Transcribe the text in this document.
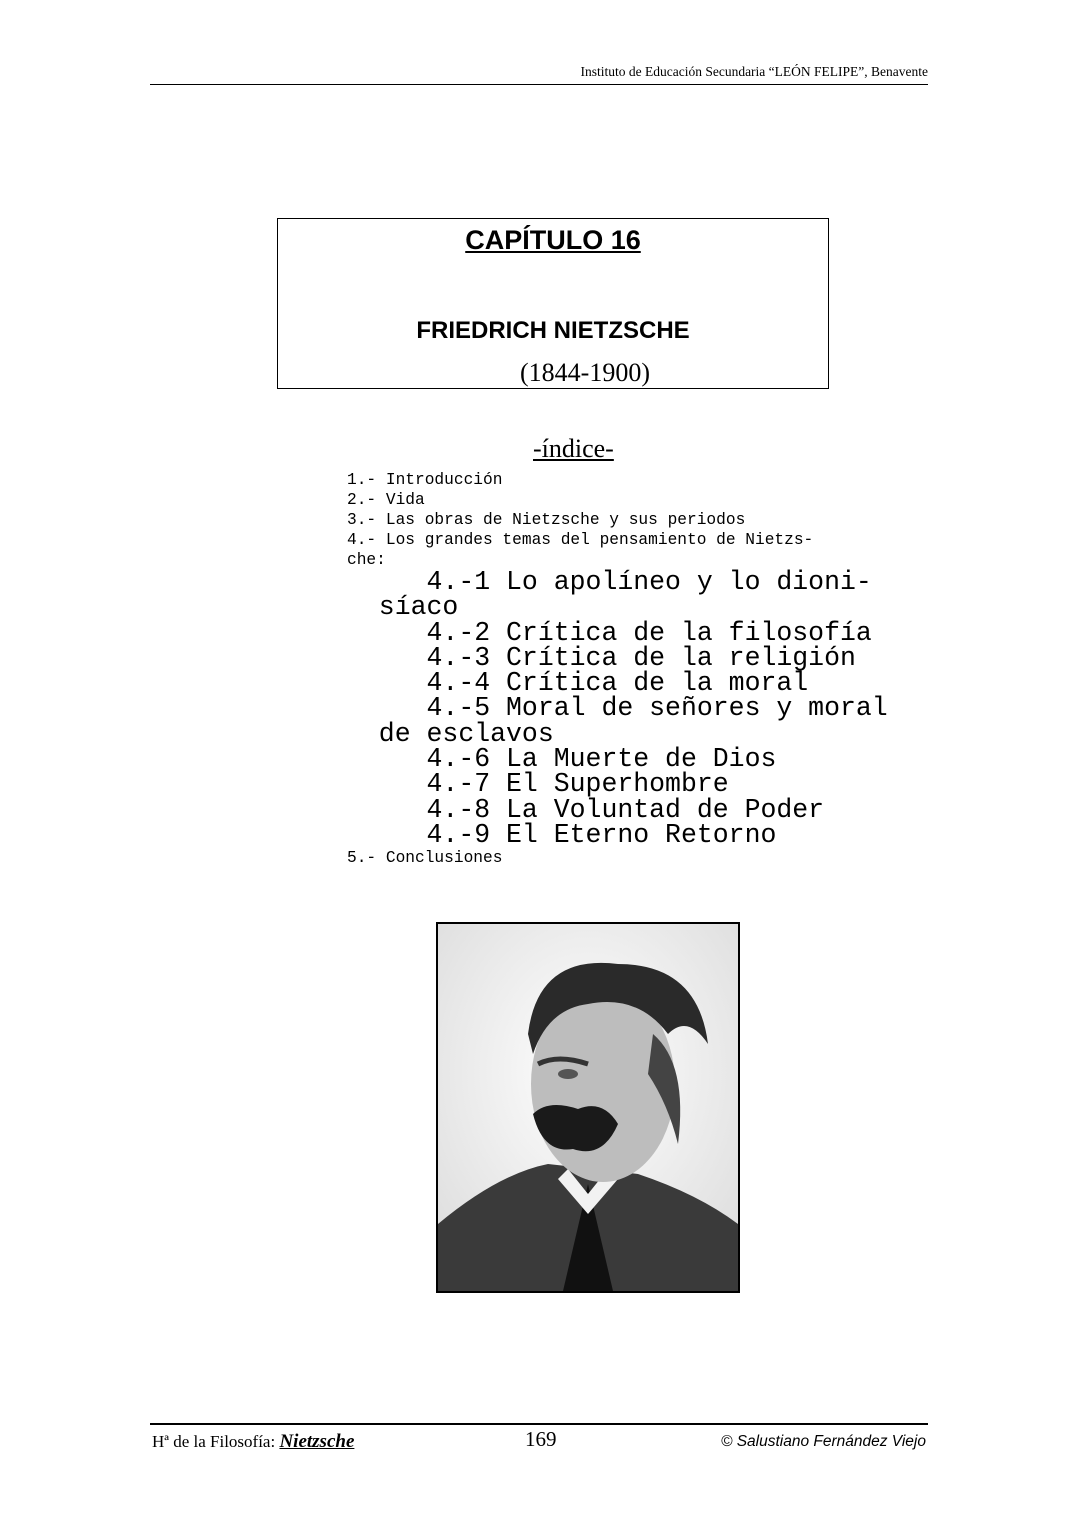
Instituto de Educación Secundaria “LEÓN FELIPE”, Benavente
CAPÍTULO 16
FRIEDRICH NIETZSCHE
(1844-1900)
-índice-
1.- Introducción
2.- Vida
3.- Las obras de Nietzsche y sus periodos
4.- Los grandes temas del pensamiento de Nietzs-
che:
4.-1 Lo apolíneo y lo dioni-
síaco
4.-2 Crítica de la filosofía
4.-3 Crítica de la religión
4.-4 Crítica de la moral
4.-5 Moral de señores y moral
de esclavos
4.-6 La Muerte de Dios
4.-7 El Superhombre
4.-8 La Voluntad de Poder
4.-9 El Eterno Retorno
5.- Conclusiones
Hª de la Filosofía: Nietzsche	169	© Salustiano Fernández Viejo
